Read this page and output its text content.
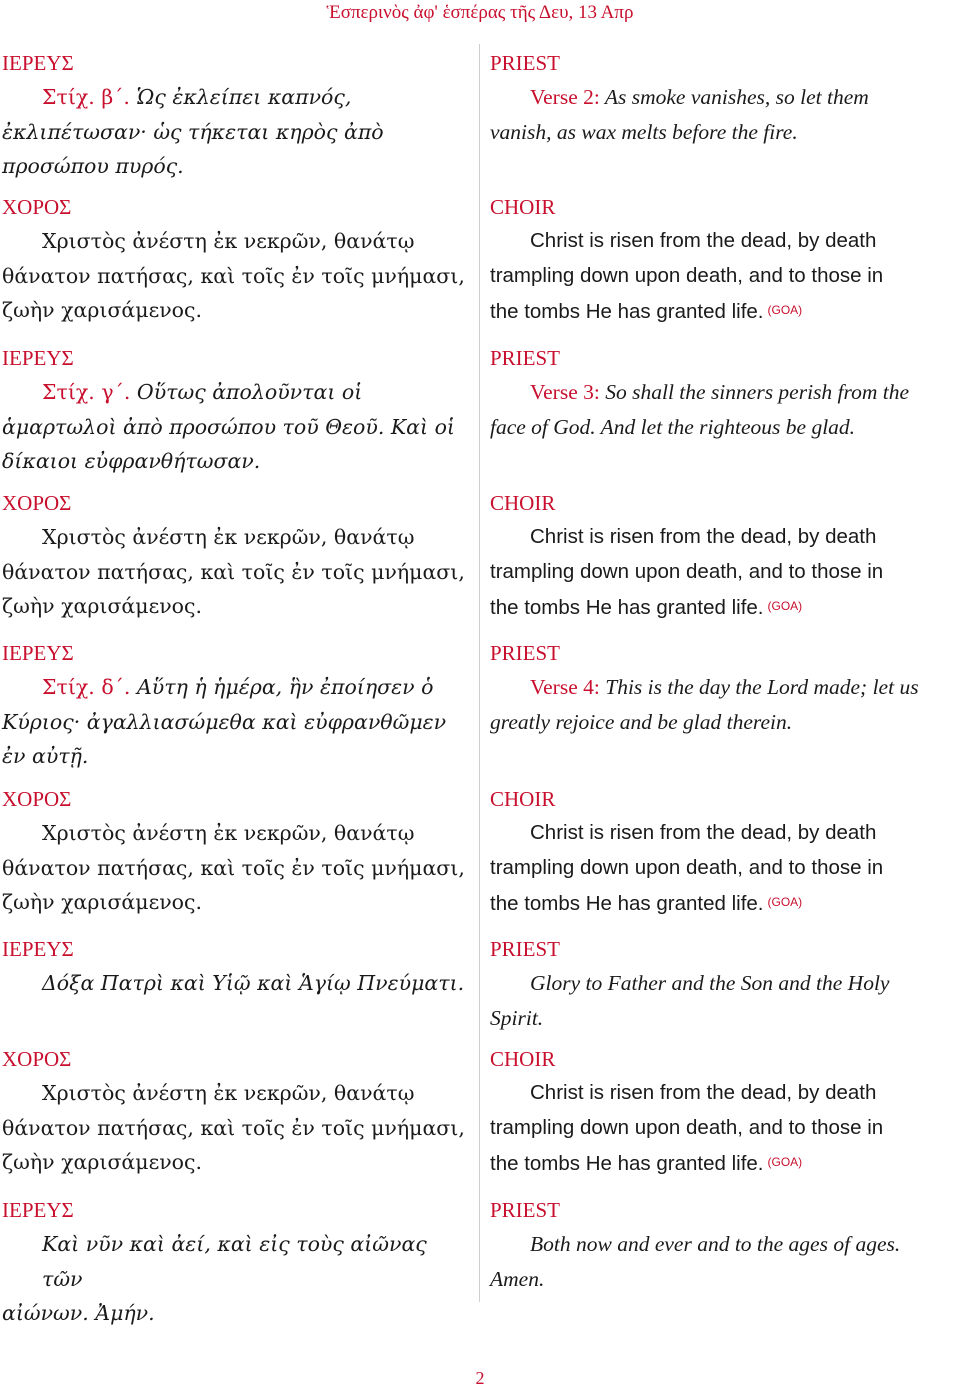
Ἑσπερινὸς ἀφ' ἑσπέρας τῆς Δευ, 13 Απρ
ΙΕΡΕΥΣ
Στίχ. β΄. Ὡς ἐκλείπει καπνός,
ἐκλιπέτωσαν· ὡς τήκεται κηρὸς ἀπὸ
προσώπου πυρός.
ΧΟΡΟΣ
Χριστὸς ἀνέστη ἐκ νεκρῶν, θανάτῳ
θάνατον πατήσας, καὶ τοῖς ἐν τοῖς μνήμασι,
ζωὴν χαρισάμενος.
ΙΕΡΕΥΣ
Στίχ. γ΄. Οὕτως ἀπολοῦνται οἱ
ἁμαρτωλοὶ ἀπὸ προσώπου τοῦ Θεοῦ. Καὶ οἱ
δίκαιοι εὐφρανθήτωσαν.
ΧΟΡΟΣ
Χριστὸς ἀνέστη ἐκ νεκρῶν, θανάτῳ
θάνατον πατήσας, καὶ τοῖς ἐν τοῖς μνήμασι,
ζωὴν χαρισάμενος.
ΙΕΡΕΥΣ
Στίχ. δ΄. Αὕτη ἡ ἡμέρα, ἣν ἐποίησεν ὁ
Κύριος· ἀγαλλιασώμεθα καὶ εὐφρανθῶμεν
ἐν αὐτῇ.
ΧΟΡΟΣ
Χριστὸς ἀνέστη ἐκ νεκρῶν, θανάτῳ
θάνατον πατήσας, καὶ τοῖς ἐν τοῖς μνήμασι,
ζωὴν χαρισάμενος.
ΙΕΡΕΥΣ
Δόξα Πατρὶ καὶ Υἱῷ καὶ Ἁγίῳ Πνεύματι.
ΧΟΡΟΣ
Χριστὸς ἀνέστη ἐκ νεκρῶν, θανάτῳ
θάνατον πατήσας, καὶ τοῖς ἐν τοῖς μνήμασι,
ζωὴν χαρισάμενος.
ΙΕΡΕΥΣ
Καὶ νῦν καὶ ἀεί, καὶ εἰς τοὺς αἰῶνας τῶν
αἰώνων. Ἀμήν.
PRIEST
Verse 2: As smoke vanishes, so let them
vanish, as wax melts before the fire.
CHOIR
Christ is risen from the dead, by death
trampling down upon death, and to those in
the tombs He has granted life. (GOA)
PRIEST
Verse 3: So shall the sinners perish from the
face of God. And let the righteous be glad.
CHOIR
Christ is risen from the dead, by death
trampling down upon death, and to those in
the tombs He has granted life. (GOA)
PRIEST
Verse 4: This is the day the Lord made; let us
greatly rejoice and be glad therein.
CHOIR
Christ is risen from the dead, by death
trampling down upon death, and to those in
the tombs He has granted life. (GOA)
PRIEST
Glory to Father and the Son and the Holy
Spirit.
CHOIR
Christ is risen from the dead, by death
trampling down upon death, and to those in
the tombs He has granted life. (GOA)
PRIEST
Both now and ever and to the ages of ages.
Amen.
2
